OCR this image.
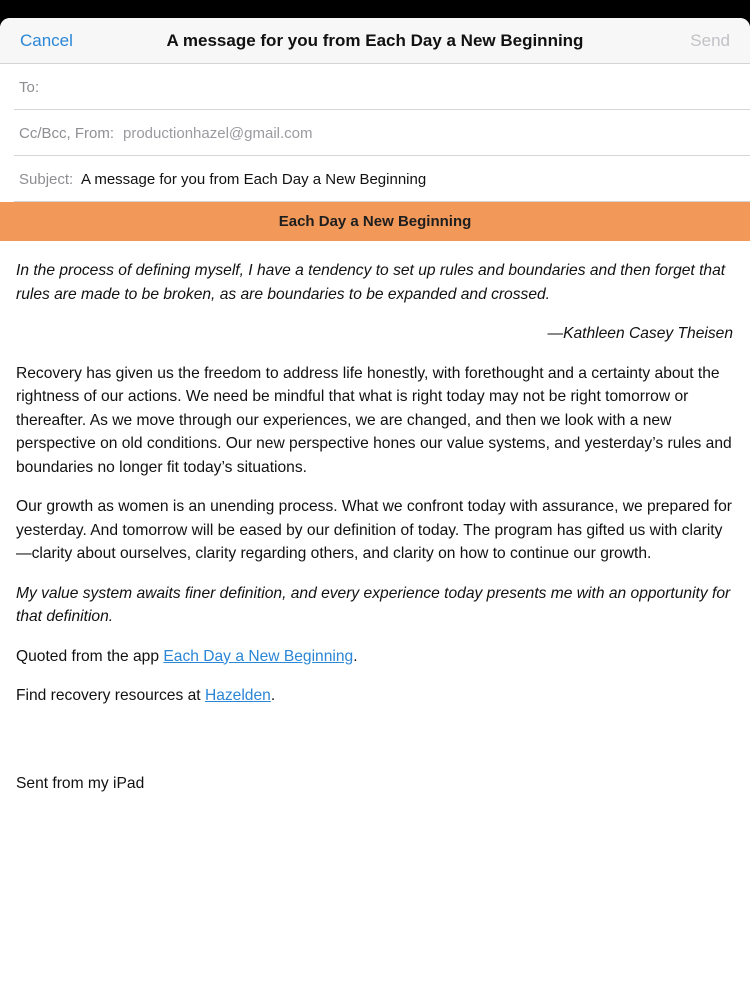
Cancel	A message for you from Each Day a New Beginning	Send
To:
Cc/Bcc, From: productionhazel@gmail.com
Subject: A message for you from Each Day a New Beginning
Each Day a New Beginning

In the process of defining myself, I have a tendency to set up rules and boundaries and then forget that rules are made to be broken, as are boundaries to be expanded and crossed.

—Kathleen Casey Theisen

Recovery has given us the freedom to address life honestly, with forethought and a certainty about the rightness of our actions. We need be mindful that what is right today may not be right tomorrow or thereafter. As we move through our experiences, we are changed, and then we look with a new perspective on old conditions. Our new perspective hones our value systems, and yesterday’s rules and boundaries no longer fit today’s situations.

Our growth as women is an unending process. What we confront today with assurance, we prepared for yesterday. And tomorrow will be eased by our definition of today. The program has gifted us with clarity—clarity about ourselves, clarity regarding others, and clarity on how to continue our growth.

My value system awaits finer definition, and every experience today presents me with an opportunity for that definition.

Quoted from the app Each Day a New Beginning.

Find recovery resources at Hazelden.

Sent from my iPad
